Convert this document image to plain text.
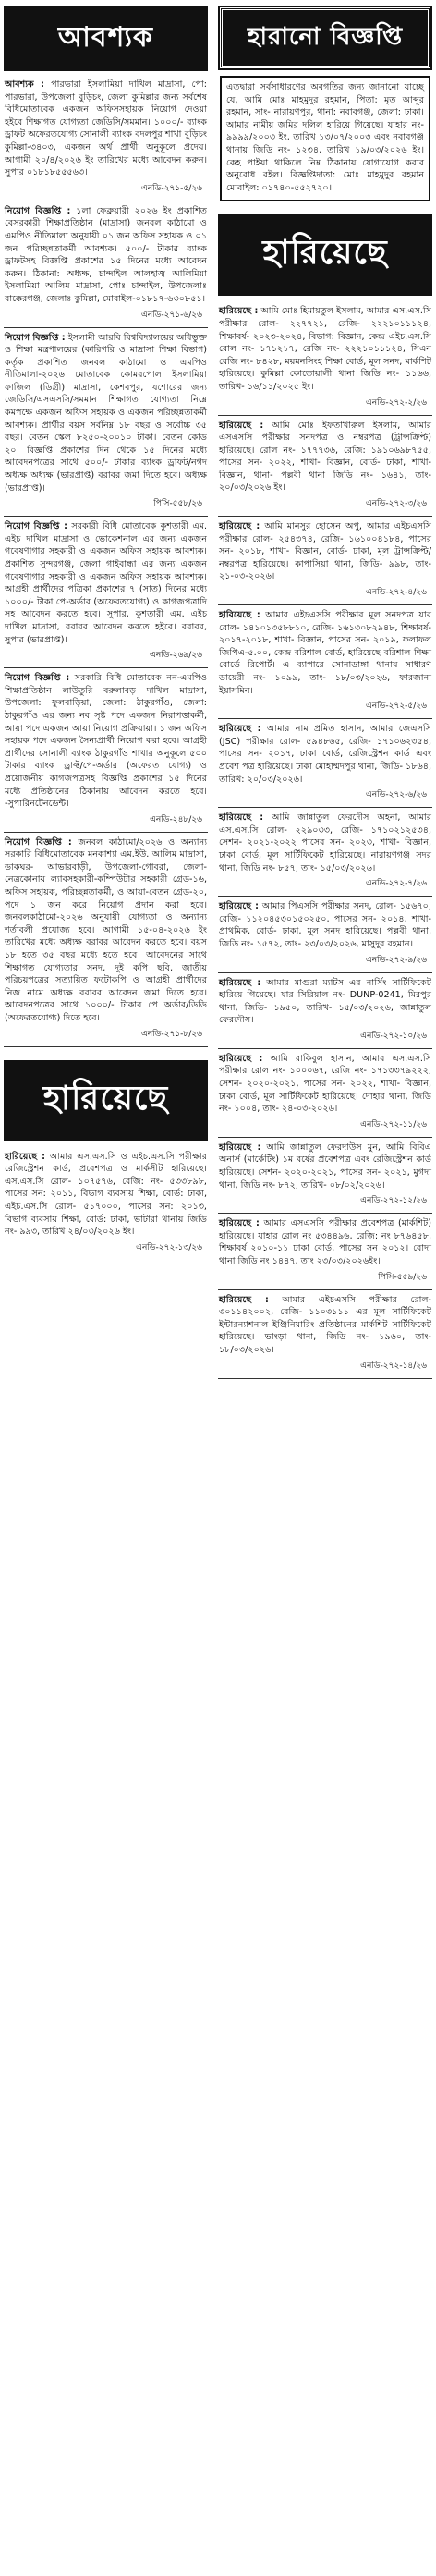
আবশ্যক

আবশ্যক : পারভারা ইসলামিয়া দাখিল মাদ্রাসা, পো: পারভারা, উপজেলা বুড়িচং, জেলা কুমিল্লার জন্য সর্বশেষ বিধিমোতাবেক একজন অফিসসহায়ক নিয়োগ দেওয়া হইবে শিক্ষাগত যোগ্যতা জেডিসি/সমমান। ১০০০/- ব্যাংক ড্রাফট অফেরতযোগ্য সোনালী ব্যাংক বদলপুর শাখা বুড়িচং কুমিল্লা-৩৪০৩, একজন অর্থ প্রার্থী অনুকূলে প্রদেয়। আগামী ২০/৪/২০২৬ ইং তারিখের মধ্যে আবেদন করুন। সুপার ০১৮১৮৫৫৫৬৩।

এনডি-২৭১-৫/২৬

নিয়োগ বিজ্ঞপ্তি : ১লা ফেব্রুয়ারী ২০২৬ ইং প্রকাশিত বেসরকারী শিক্ষাপ্রতিষ্ঠান (মাদ্রাসা) জনবল কাঠামো ও এমপিও নীতিমালা অনুযায়ী ০১ জন অফিস সহায়ক ও ০১ জন পরিচ্ছন্নতাকর্মী আবশ্যক। ৫০০/- টাকার ব্যাংক ড্রাফটসহ বিজ্ঞপ্তি প্রকাশের ১৫ দিনের মধ্যে আবেদন করুন। ঠিকানা: অধ্যক্ষ, চান্দাইল আলহাজ্ব আলিমিয়া ইসলামিয়া আলিম মাদ্রাসা, পোঃ চান্দাইল, উপজেলাঃ বাক্কেরগঞ্জ, জেলাঃ কুমিল্লা, মোবাইল-০১৮১৭-৬৩০৮৫১।

এনডি-২৭১-৬/২৬

নিয়োগ বিজ্ঞপ্তি : ইসলামী আরবি বিশ্ববিদ্যালয়ের অধিভুক্ত ও শিক্ষা মন্ত্রণালয়ের (কারিগরি ও মাদ্রাসা শিক্ষা বিভাগ) কর্তৃক প্রকাশিত জনবল কাঠামো ও এমপিও নীতিমালা-২০২৬ মোতাবেক কোমরপোল ইসলামিয়া ফাজিল (ডিগ্রী) মাদ্রাসা, কেশবপুর, যশোরের জন্য জেডিসি/এসএসসি/সমমান শিক্ষাগত যোগ্যতা নিম্নে কমপক্ষে একজন অফিস সহায়ক ও একজন পরিচ্ছন্নতাকর্মী আবশ্যক। প্রার্থীর বয়স সর্বনিম্ন ১৮ বছর ও সর্বোচ্চ ৩৫ বছর। বেতন স্কেল ৮২৫০-২০০১০ টাকা। বেতন কোড ২০। বিজ্ঞপ্তি প্রকাশের দিন থেকে ১৫ দিনের মধ্যে আবেদনপত্রের সাথে ৫০০/- টাকার ব্যাংক ড্রাফট/নগদ অধ্যক্ষ অধ্যক্ষ (ভারপ্রাপ্ত) বরাবর জমা দিতে হবে। অধ্যক্ষ (ভারপ্রাপ্ত)।

পিসি-৫৫৮/২৬

নিয়োগ বিজ্ঞপ্তি : সরকারী বিধি মোতাবেক কুশতারী এম. এইচ দাখিল মাদ্রাসা ও ভোকেশনাল এর জন্য একজন গবেষণাগার সহকারী ও একজন অফিস সহায়ক আবশ্যক। প্রকাশিত সুন্দরগঞ্জ, জেলা গাইবান্ধা এর জন্য একজন গবেষণাগার সহকারী ও একজন অফিস সহায়ক আবশ্যক। আগ্রহী প্রার্থীদের পত্রিকা প্রকাশের ৭ (সাত) দিনের মধ্যে ১০০০/- টাকা পে-অর্ডার (অফেরতযোগ্য) ও কাগজপত্রাদি সহ আবেদন করতে হবে। সুপার, কুশতারী এম. এইচ দাখিল মাদ্রাসা, বরাবর আবেদন করতে হইবে। বরাবর, সুপার (ভারপ্রাপ্ত)।

এনডি-২৬৯/২৬

নিয়োগ বিজ্ঞপ্তি : সরকারি বিধি মোতাবেক নন-এমপিও শিক্ষাপ্রতিষ্ঠান লাউতুরি বরুলাবড় দাখিল মাদ্রাসা, উপজেলা: ফুলবাড়িয়া, জেলা: ঠাকুরগাঁও, জেলা: ঠাকুরগাঁও এর জন্য নব সৃষ্ট পদে একজন নিরাপত্তাকর্মী, আয়া পদে একজন আয়া নিয়োগ প্রক্রিয়ায়া। ১ জন অফিস সহায়ক পদে একজন সৈন্যপ্রার্থী নিয়োগ করা হবে। আগ্রহী প্রার্থীদের সোনালী ব্যাংক ঠাকুরগাঁও শাখার অনুকূলে ৫০০ টাকার ব্যাংক ড্রাফ্ট/পে-অর্ডার (অফেরত যোগ্য) ও প্রয়োজনীয় কাগজপত্রসহ বিজ্ঞপ্তি প্রকাশের ১৫ দিনের মধ্যে প্রতিষ্ঠানের ঠিকানায় আবেদন করতে হবে। -সুপারিনটেনডেন্ট।

এনডি-২৪৮/২৬

নিয়োগ বিজ্ঞপ্তি : জনবল কাঠামো/২০২৬ ও অন্যান্য সরকারি বিধিমোতাবেক মনকাশ্যা এম.ইউ. আলিম মাদ্রাসা, ডাকঘর- আভারবাড়ী, উপজেলা-গোবরা, জেলা-নেত্রকোনায় ল্যাবসহকারী-কম্পিউটার সহকারী গ্রেড-১৬, অফিস সহায়ক, পরিচ্ছন্নতাকর্মী, ও আয়া-বেতন গ্রেড-২০, পদে ১ জন করে নিয়োগ প্রদান করা হবে। জনবলকাঠামো-২০২৬ অনুযায়ী যোগ্যতা ও অন্যান্য শর্তাবলী প্রযোজ্য হবে। আগামী ১৫-০৪-২০২৬ ইং তারিখের মধ্যে অধ্যক্ষ বরাবর আবেদন করতে হবে। বয়স ১৮ হতে ৩৫ বছর মধ্যে হতে হবে। আবেদনের সাথে শিক্ষাগত যোগ্যতার সনদ, দুই কপি ছবি, জাতীয় পরিচয়পত্রের সত্যায়িত ফটোকপি ও আগ্রহী প্রার্থীদের নিজ নামে অধ্যক্ষ বরাবর আবেদন জমা দিতে হবে। আবেদনপত্রের সাথে ১০০০/- টাকার পে অর্ডার/ডিডি (অফেরতযোগ্য) দিতে হবে।

এনডি-২৭১-৮/২৬
হারিয়েছে

হারিয়েছে : আমার এস.এস.সি ও এইচ.এস.সি পরীক্ষার রেজিস্ট্রেশন কার্ড, প্রবেশপত্র ও মার্কসীট হারিয়েছে। এস.এস.সি রোল- ১০৭৫৭৬, রেজি: নং- ৫৩৩৮৯৮, পাসের সন: ২০১১, বিভাগ ব্যবসায় শিক্ষা, বোর্ড: ঢাকা, এইচ.এস.সি রোল- ৫১৭০০০, পাসের সন: ২০১৩, বিভাগ ব্যবসায় শিক্ষা, বোর্ড: ঢাকা, ভাটারা থানায় জিডি নং- ৯৯৩, তারিখ ২৪/০৩/২০২৬ ইং।

এনডি-২৭২-১৩/২৬
হারানো বিজ্ঞপ্তি

এতদ্বারা সর্বসাধারণের অবগতির জন্য জানানো যাচ্ছে যে, আমি মোঃ মাহমুদুর রহমান, পিতা: মৃত আব্দুর রহমান, সাং- নারায়ণপুর, থানা: নবাবগঞ্জ, জেলা: ঢাকা। আমার নামীয় জমির দলিল হারিয়ে গিয়েছে। যাহার নং- ৯৯৯৯/২০০৩ ইং, তারিখ ১৩/০৭/২০০৩ এবং নবাবগঞ্জ থানায় জিডি নং- ১২৩৪, তারিখ ১৯/০৩/২০২৬ ইং। কেহ পাইয়া থাকিলে নিম্ন ঠিকানায় যোগাযোগ করার অনুরোধ রইল। বিজ্ঞপ্তিদাতা: মোঃ মাহমুদুর রহমান মোবাইল: ০১৭৪০-৫৫২৭২০।

হারিয়েছে

হারিয়েছে : আমি মোঃ হিমায়তুল ইসলাম, আমার এস.এস.সি পরীক্ষার রোল- ২২৭৭২১, রেজি- ২২২১০১১১২৪, শিক্ষাবর্ষ- ২০২৩-২০২৪, বিভাগ: বিজ্ঞান, কেন্দ্র এইচ.এস.সি রোল নং- ১৭১২১৭, রেজি নং- ২২২১০১১১২৪, সিএন রেজি নং- ৮৪২৮, ময়মনসিংহ শিক্ষা বোর্ড, মূল সনদ, মার্কশিট হারিয়েছে। কুমিল্লা কোতোয়ালী থানা জিডি নং- ১১৬৬, তারিখ- ১৬/১১/২০২৫ ইং।

এনডি-২৭২-২/২৬

হারিয়েছে : আমি মোঃ ইফতাখারুল ইসলাম, আমার এসএসসি পরীক্ষার সনদপত্র ও নম্বরপত্র (ট্রান্সক্রিপ্ট) হারিয়েছে। রোল নং- ১৭৭৭৩৬, রেজি: ১৯১০৬৯৮৭৫৫, পাসের সন- ২০২২, শাখা- বিজ্ঞান, বোর্ড- ঢাকা, শাখা- বিজ্ঞান, থানা- পল্লবী থানা জিডি নং- ১৬৪১, তাং- ২০/০৩/২০২৬ ইং।

এনডি-২৭২-৩/২৬

হারিয়েছে : আমি মানসুর হোসেন অপু, আমার এইচএসসি পরীক্ষার রোল- ২৫৪৩৭৪, রেজি- ১৬১০০৪১৮৪, পাসের সন- ২০১৮, শাখা- বিজ্ঞান, বোর্ড- ঢাকা, মূল ট্রান্সক্রিপ্ট/নম্বরপত্র হারিয়েছে। কাপাসিয়া থানা, জিডি- ৯৯৮, তাং- ২১-০৩-২০২৬।

এনডি-২৭২-৪/২৬

হারিয়েছে : আমার এইচএসসি পরীক্ষার মূল সনদপত্র যার রোল- ১৪১০১৩৫৮৮১০, রেজি- ১৬১৩০৮২৯৪৮, শিক্ষাবর্ষ- ২০১৭-২০১৮, শাখা- বিজ্ঞান, পাসের সন- ২০১৯, ফলাফল জিপিএ-৫.০০, কেন্দ্র বরিশাল বোর্ড, হারিয়েছে বরিশাল শিক্ষা বোর্ডে রিপোর্ট। এ ব্যাপারে সোনাডাঙ্গা থানায় সাধারণ ডায়েরী নং- ১০৯৯, তাং- ১৮/০৩/২০২৬, ফারজানা ইয়াসমিন।

এনডি-২৭২-৫/২৬

হারিয়েছে : আমার নাম প্রমিত হাসান, আমার জেএসসি (JSC) পরীক্ষার রোল- ৫৯৪৮৬৫, রেজি- ১৭১০৬২৩৫৪, পাসের সন- ২০১৭, ঢাকা বোর্ড, রেজিস্ট্রেশন কার্ড এবং প্রবেশ পত্র হারিয়েছে। ঢাকা মোহাম্মদপুর থানা, জিডি- ১৮৬৪, তারিখ: ২০/০৩/২০২৬।

এনডি-২৭২-৬/২৬

হারিয়েছে : আমি জান্নাতুল ফেরদৌস অহনা, আমার এস.এস.সি রোল- ২২৯০৩৩, রেজি- ১৭১০২১২৫৩৪, সেশন- ২০২১-২০২২ পাসের সন- ২০২৩, শাখা- বিজ্ঞান, ঢাকা বোর্ড, মূল সার্টিফিকেট হারিয়েছে। নারায়ণগঞ্জ সদর থানা, জিডি নং- ৮৫৭, তাং- ১৫/০৩/২০২৬।

এনডি-২৭২-৭/২৬

হারিয়েছে : আমার পিএসসি পরীক্ষার সনদ, রোল- ১৫৬৭০, রেজি- ১১২০৪৫৩০১৫০২৫০, পাসের সন- ২০১৪, শাখা- প্রাথমিক, বোর্ড- ঢাকা, মূল সনদ হারিয়েছে। পল্লবী থানা, জিডি নং- ১৫৭২, তাং- ২৩/০৩/২০২৬, মাসুদুর রহমান।

এনডি-২৭২-৯/২৬

হারিয়েছে : আমার মাগুরা ম্যাটস এর নার্সিং সার্টিফিকেট হারিয়ে গিয়েছে। যার সিরিয়াল নং- DUNP-0241, মিরপুর থানা, জিডি- ১৯৫০, তারিখ- ১৫/০৩/২০২৬, জান্নাতুল ফেরদৌস।

এনডি-২৭২-১০/২৬

হারিয়েছে : আমি রাকিবুল হাসান, আমার এস.এস.সি পরীক্ষার রোল নং- ১০০০৬৭, রেজি নং- ১৭১৩৩৭৯২২২, সেশন- ২০২০-২০২১, পাসের সন- ২০২২, শাখা- বিজ্ঞান, ঢাকা বোর্ড, মূল সার্টিফিকেট হারিয়েছে। দোহার থানা, জিডি নং- ১০০৪, তাং- ২৪-০৩-২০২৬।

এনডি-২৭২-১১/২৬

হারিয়েছে : আমি জান্নাতুল ফেরদাউস মুন, আমি বিবিএ অনার্স (মার্কেটিং) ১ম বর্ষের প্রবেশপত্র এবং রেজিস্ট্রেশন কার্ড হারিয়েছে। সেশন- ২০২০-২০২১, পাসের সন- ২০২১, মুগদা থানা, জিডি নং- ৮৭২, তারিখ- ০৮/০২/২০২৬।

এনডি-২৭২-১২/২৬

হারিয়েছে : আমার এসএসসি পরীক্ষার প্রবেশপত্র (মার্কশিট) হারিয়েছে। যাহার রোল নং ৫৩৪৪৯৬, রেজি: নং ৮৭৬৪৫৮, শিক্ষাবর্ষ ২০১০-১১ ঢাকা বোর্ড, পাসের সন ২০১২। বোদা থানা জিডি নং ১৪৪৭, তাং ২৩/০৩/২০২৬ইং।

পিসি-৫৫৯/২৬

হারিয়েছে : আমার এইচএসসি পরীক্ষার রোল- ৩০১১৪২০০২, রেজি- ১১০৩১১১ এর মূল সার্টিফিকেট ইন্টারন্যাশনাল ইঞ্জিনিয়ারিং প্রতিষ্ঠানের মার্কশিট সার্টিফিকেট হারিয়েছে। ভাংড়া থানা, জিডি নং- ১৯৬০, তাং- ১৮/০৩/২০২৬।

এনডি-২৭২-১৪/২৬
